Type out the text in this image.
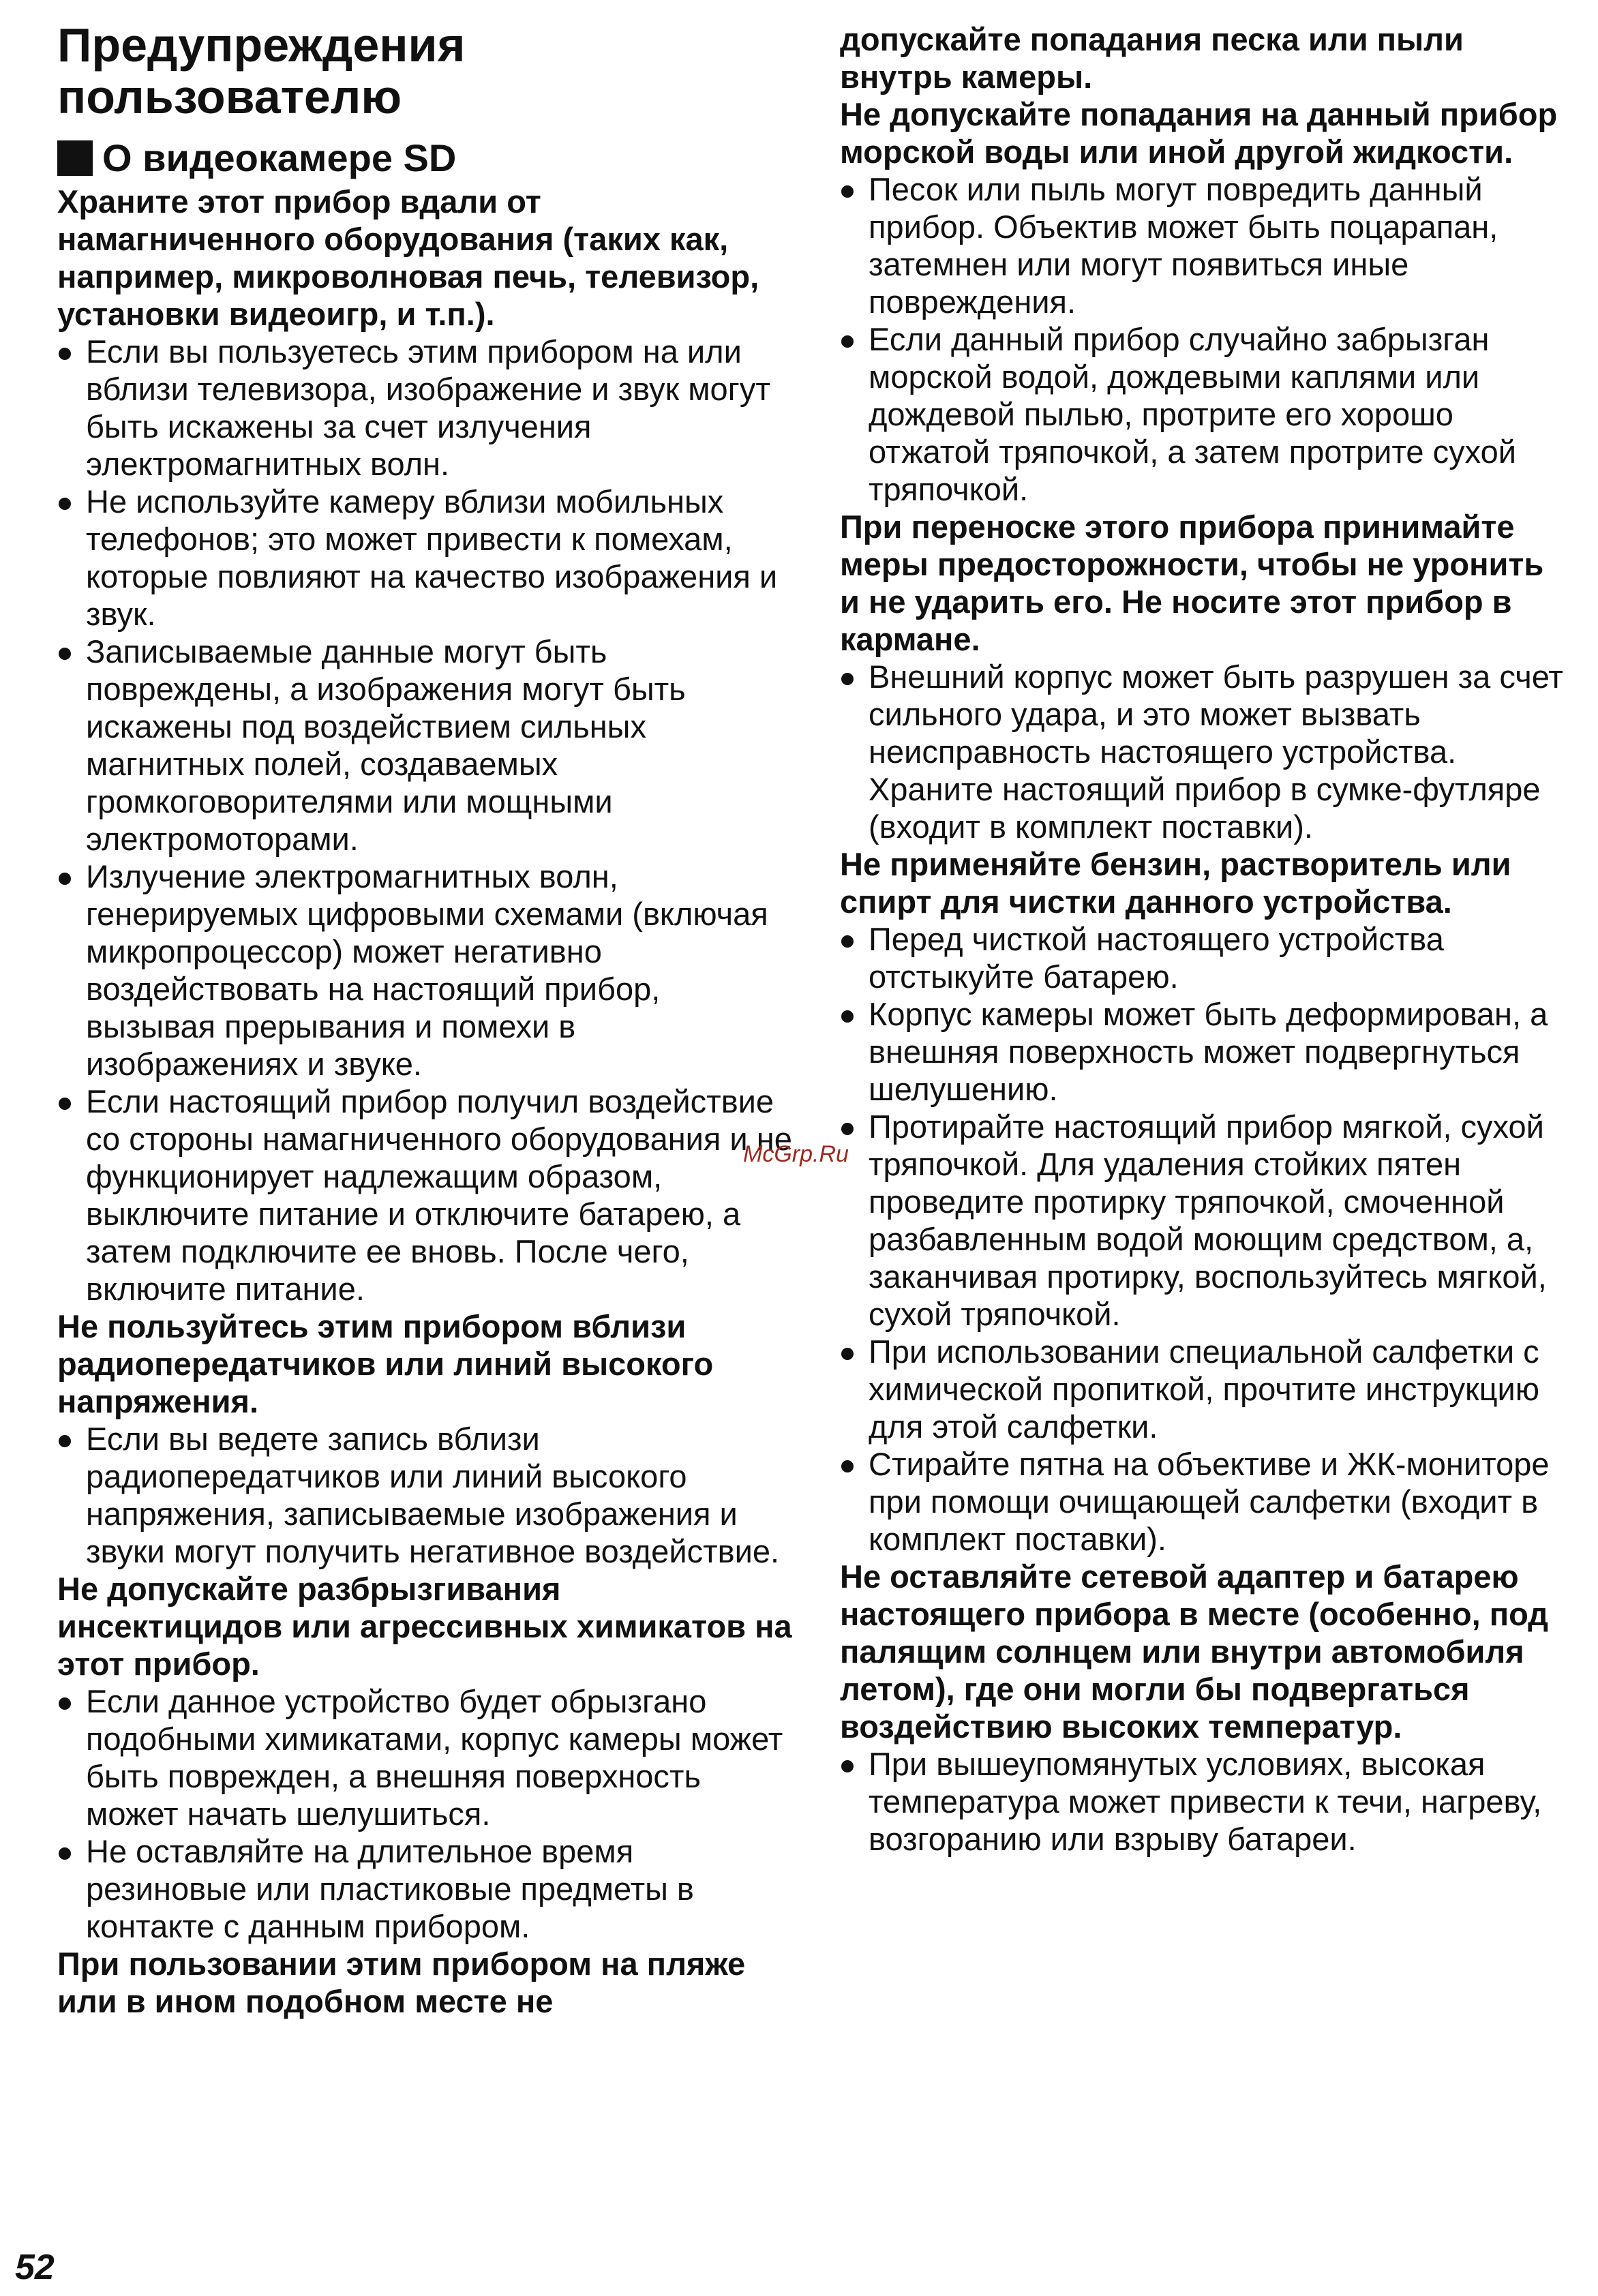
Предупреждения пользователю
О видеокамере SD

Храните этот прибор вдали от намагниченного оборудования (таких как, например, микроволновая печь, телевизор, установки видеоигр, и т.п.).

Если вы пользуетесь этим прибором на или вблизи телевизора, изображение и звук могут быть искажены за счет излучения электромагнитных волн.
Не используйте камеру вблизи мобильных телефонов; это может привести к помехам, которые повлияют на качество изображения и звук.
Записываемые данные могут быть повреждены, а изображения могут быть искажены под воздействием сильных магнитных полей, создаваемых громкоговорителями или мощными электромоторами.
Излучение электромагнитных волн, генерируемых цифровыми схемами (включая микропроцессор) может негативно воздействовать на настоящий прибор, вызывая прерывания и помехи в изображениях и звуке.
Если настоящий прибор получил воздействие со стороны намагниченного оборудования и не функционирует надлежащим образом, выключите питание и отключите батарею, а затем подключите ее вновь. После чего, включите питание.

Не пользуйтесь этим прибором вблизи радиопередатчиков или линий высокого напряжения.

Если вы ведете запись вблизи радиопередатчиков или линий высокого напряжения, записываемые изображения и звуки могут получить негативное воздействие.

Не допускайте разбрызгивания инсектицидов или агрессивных химикатов на этот прибор.

Если данное устройство будет обрызгано подобными химикатами, корпус камеры может быть поврежден, а внешняя поверхность может начать шелушиться.
Не оставляйте на длительное время резиновые или пластиковые предметы в контакте с данным прибором.

При пользовании этим прибором на пляже или в ином подобном месте не

допускайте попадания песка или пыли внутрь камеры.

Не допускайте попадания на данный прибор морской воды или иной другой жидкости.

Песок или пыль могут повредить данный прибор. Объектив может быть поцарапан, затемнен или могут появиться иные повреждения.
Если данный прибор случайно забрызган морской водой, дождевыми каплями или дождевой пылью, протрите его хорошо отжатой тряпочкой, а затем протрите сухой тряпочкой.

При переноске этого прибора принимайте меры предосторожности, чтобы не уронить и не ударить его. Не носите этот прибор в кармане.

Внешний корпус может быть разрушен за счет сильного удара, и это может вызвать неисправность настоящего устройства. Храните настоящий прибор в сумке-футляре (входит в комплект поставки).

Не применяйте бензин, растворитель или спирт для чистки данного устройства.

Перед чисткой настоящего устройства отстыкуйте батарею.
Корпус камеры может быть деформирован, а внешняя поверхность может подвергнуться шелушению.
Протирайте настоящий прибор мягкой, сухой тряпочкой. Для удаления стойких пятен проведите протирку тряпочкой, смоченной разбавленным водой моющим средством, а, заканчивая протирку, воспользуйтесь мягкой, сухой тряпочкой.
При использовании специальной салфетки с химической пропиткой, прочтите инструкцию для этой салфетки.
Стирайте пятна на объективе и ЖК-мониторе при помощи очищающей салфетки (входит в комплект поставки).

Не оставляйте сетевой адаптер и батарею настоящего прибора в месте (особенно, под палящим солнцем или внутри автомобиля летом), где они могли бы подвергаться воздействию высоких температур.

При вышеупомянутых условиях, высокая температура может привести к течи, нагреву, возгоранию или взрыву батареи.
McGrp.Ru
52
